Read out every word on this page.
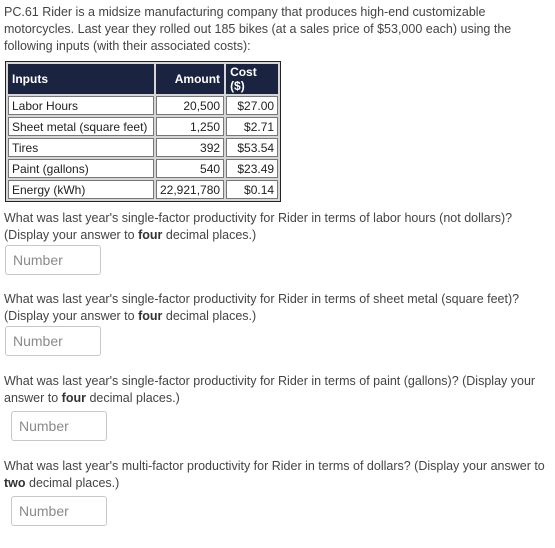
PC.61 Rider is a midsize manufacturing company that produces high-end customizable motorcycles. Last year they rolled out 185 bikes (at a sales price of $53,000 each) using the following inputs (with their associated costs):
Inputs	Amount	Cost ($)
Labor Hours	20,500	$27.00
Sheet metal (square feet)	1,250	$2.71
Tires	392	$53.54
Paint (gallons)	540	$23.49
Energy (kWh)	22,921,780	$0.14
What was last year's single-factor productivity for Rider in terms of labor hours (not dollars)? (Display your answer to four decimal places.)
Number
What was last year's single-factor productivity for Rider in terms of sheet metal (square feet)? (Display your answer to four decimal places.)
Number
What was last year's single-factor productivity for Rider in terms of paint (gallons)? (Display your answer to four decimal places.)
Number
What was last year's multi-factor productivity for Rider in terms of dollars? (Display your answer to two decimal places.)
Number
